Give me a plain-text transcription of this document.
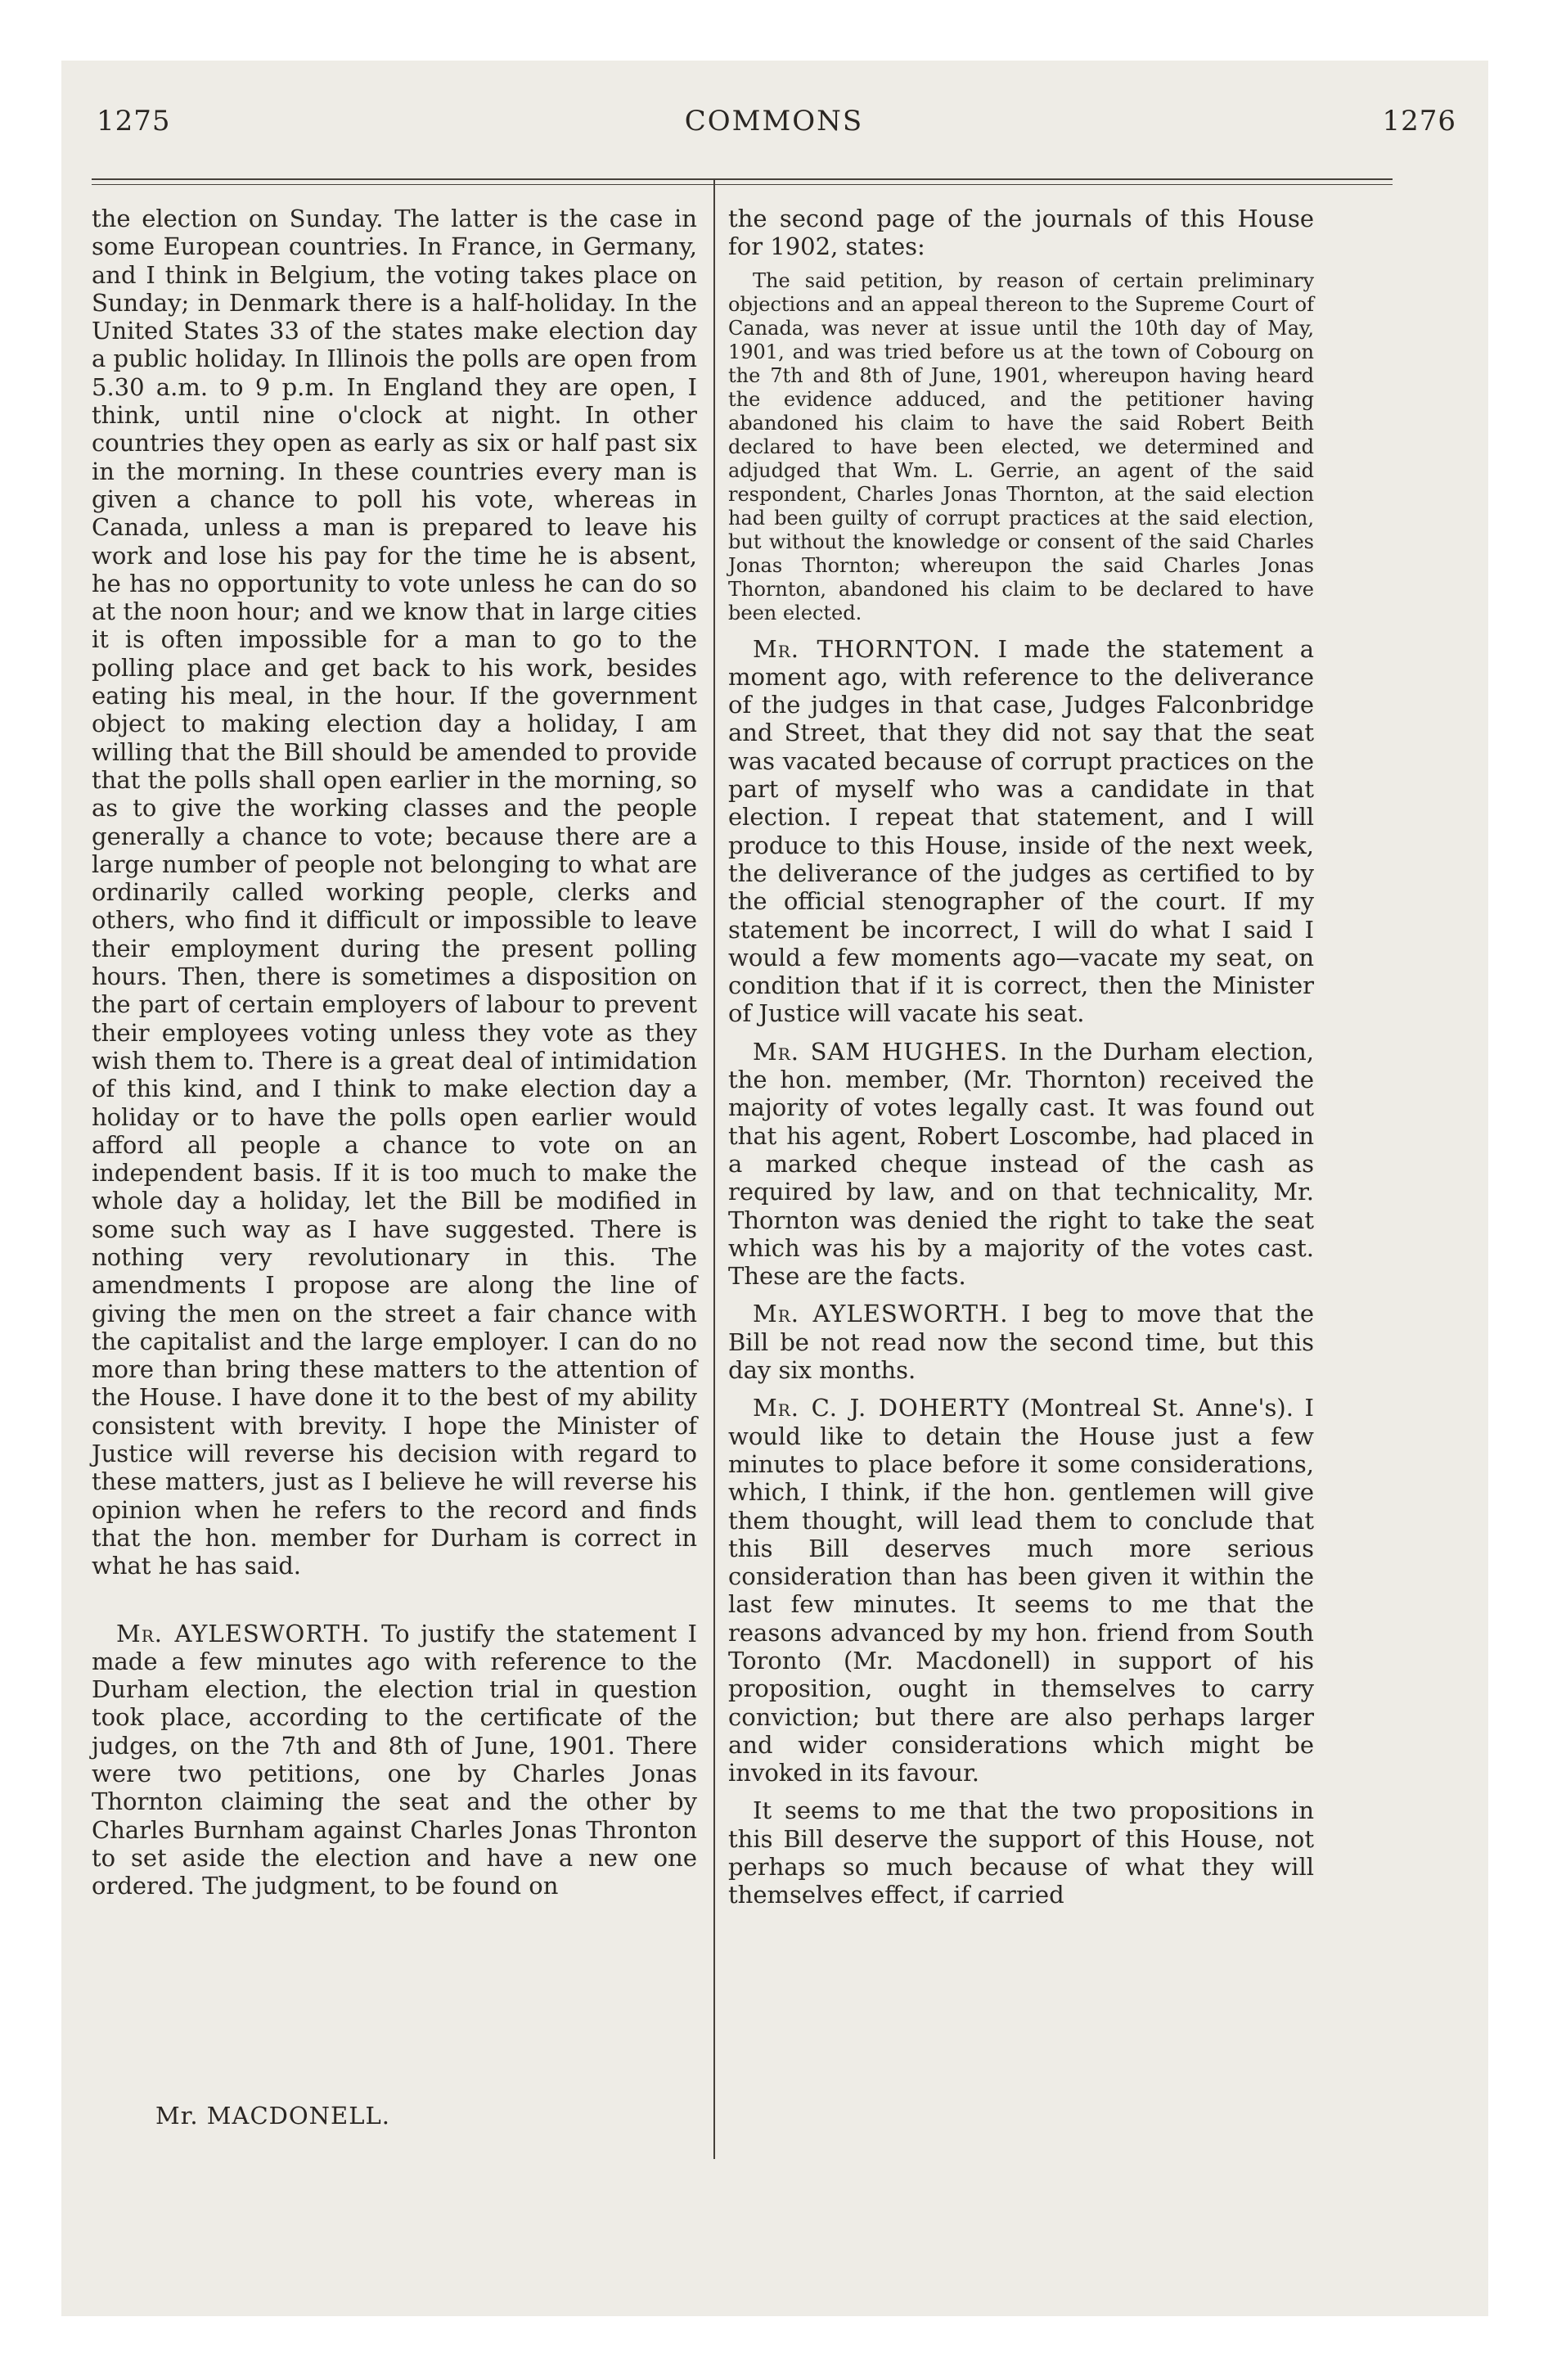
1275	COMMONS	1276

the election on Sunday. The latter is the case in some European countries. In France, in Germany, and I think in Belgium, the voting takes place on Sunday; in Denmark there is a half-holiday. In the United States 33 of the states make election day a public holiday. In Illinois the polls are open from 5.30 a.m. to 9 p.m. In England they are open, I think, until nine o'clock at night. In other countries they open as early as six or half past six in the morning. In these countries every man is given a chance to poll his vote, whereas in Canada, unless a man is prepared to leave his work and lose his pay for the time he is absent, he has no opportunity to vote unless he can do so at the noon hour; and we know that in large cities it is often impossible for a man to go to the polling place and get back to his work, besides eating his meal, in the hour. If the government object to making election day a holiday, I am willing that the Bill should be amended to provide that the polls shall open earlier in the morning, so as to give the working classes and the people generally a chance to vote; because there are a large number of people not belonging to what are ordinarily called working people, clerks and others, who find it difficult or impossible to leave their employment during the present polling hours. Then, there is sometimes a disposition on the part of certain employers of labour to prevent their employees voting unless they vote as they wish them to. There is a great deal of intimidation of this kind, and I think to make election day a holiday or to have the polls open earlier would afford all people a chance to vote on an independent basis. If it is too much to make the whole day a holiday, let the Bill be modified in some such way as I have suggested. There is nothing very revolutionary in this. The amendments I propose are along the line of giving the men on the street a fair chance with the capitalist and the large employer. I can do no more than bring these matters to the attention of the House. I have done it to the best of my ability consistent with brevity. I hope the Minister of Justice will reverse his decision with regard to these matters, just as I believe he will reverse his opinion when he refers to the record and finds that the hon. member for Durham is correct in what he has said.

Mr. AYLESWORTH. To justify the statement I made a few minutes ago with reference to the Durham election, the election trial in question took place, according to the certificate of the judges, on the 7th and 8th of June, 1901. There were two petitions, one by Charles Jonas Thornton claiming the seat and the other by Charles Burnham against Charles Jonas Thronton to set aside the election and have a new one ordered. The judgment, to be found on

Mr. MACDONELL.

the second page of the journals of this House for 1902, states:

The said petition, by reason of certain preliminary objections and an appeal thereon to the Supreme Court of Canada, was never at issue until the 10th day of May, 1901, and was tried before us at the town of Cobourg on the 7th and 8th of June, 1901, whereupon having heard the evidence adduced, and the petitioner having abandoned his claim to have the said Robert Beith declared to have been elected, we determined and adjudged that Wm. L. Gerrie, an agent of the said respondent, Charles Jonas Thornton, at the said election had been guilty of corrupt practices at the said election, but without the knowledge or consent of the said Charles Jonas Thornton; whereupon the said Charles Jonas Thornton, abandoned his claim to be declared to have been elected.

Mr. THORNTON. I made the statement a moment ago, with reference to the deliverance of the judges in that case, Judges Falconbridge and Street, that they did not say that the seat was vacated because of corrupt practices on the part of myself who was a candidate in that election. I repeat that statement, and I will produce to this House, inside of the next week, the deliverance of the judges as certified to by the official stenographer of the court. If my statement be incorrect, I will do what I said I would a few moments ago—vacate my seat, on condition that if it is correct, then the Minister of Justice will vacate his seat.

Mr. SAM HUGHES. In the Durham election, the hon. member, (Mr. Thornton) received the majority of votes legally cast. It was found out that his agent, Robert Loscombe, had placed in a marked cheque instead of the cash as required by law, and on that technicality, Mr. Thornton was denied the right to take the seat which was his by a majority of the votes cast. These are the facts.

Mr. AYLESWORTH. I beg to move that the Bill be not read now the second time, but this day six months.

Mr. C. J. DOHERTY (Montreal St. Anne's). I would like to detain the House just a few minutes to place before it some considerations, which, I think, if the hon. gentlemen will give them thought, will lead them to conclude that this Bill deserves much more serious consideration than has been given it within the last few minutes. It seems to me that the reasons advanced by my hon. friend from South Toronto (Mr. Macdonell) in support of his proposition, ought in themselves to carry conviction; but there are also perhaps larger and wider considerations which might be invoked in its favour.

It seems to me that the two propositions in this Bill deserve the support of this House, not perhaps so much because of what they will themselves effect, if carried
